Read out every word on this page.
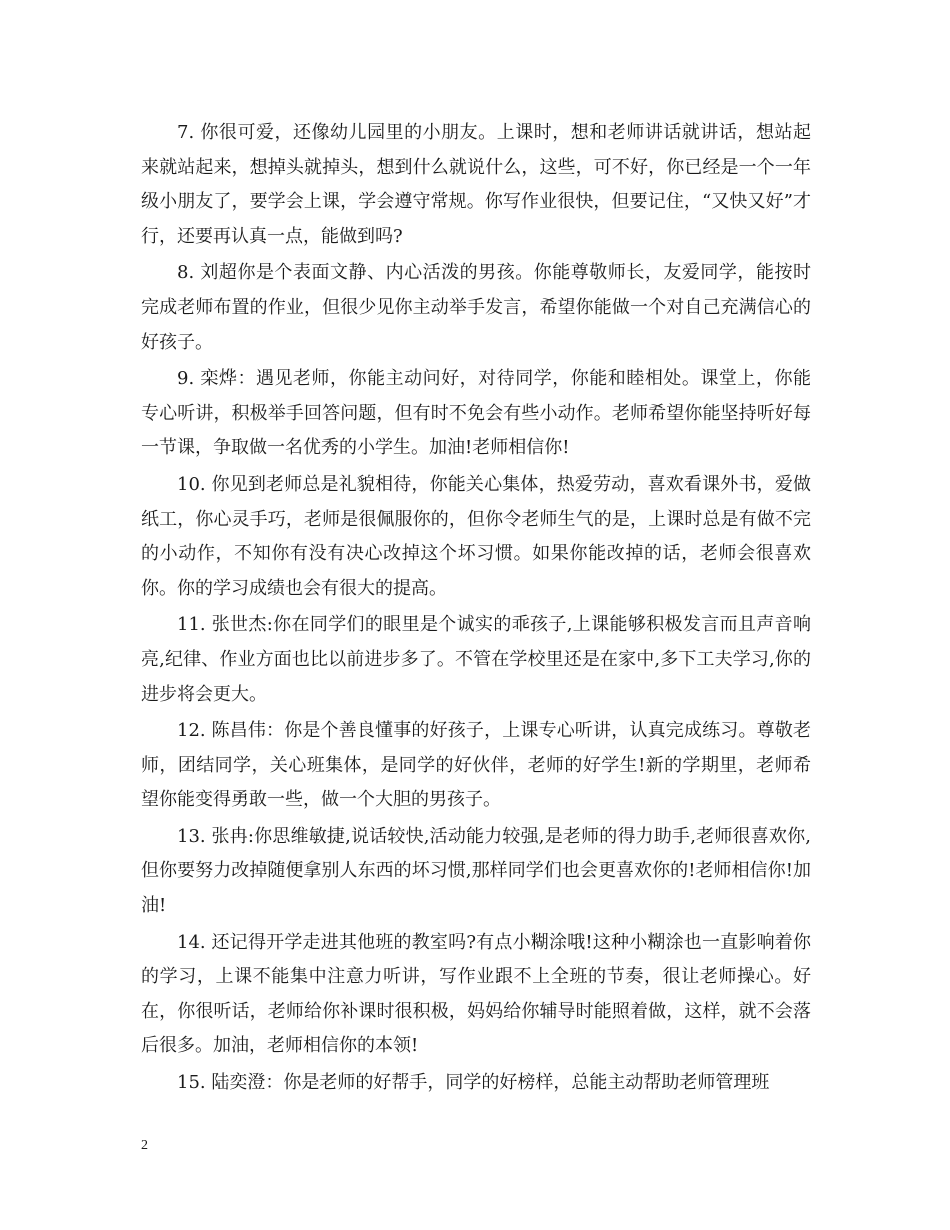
7. 你很可爱，还像幼儿园里的小朋友。上课时，想和老师讲话就讲话，想站起来就站起来，想掉头就掉头，想到什么就说什么，这些，可不好，你已经是一个一年级小朋友了，要学会上课，学会遵守常规。你写作业很快，但要记住，“又快又好”才行，还要再认真一点，能做到吗?

8. 刘超你是个表面文静、内心活泼的男孩。你能尊敬师长，友爱同学，能按时完成老师布置的作业，但很少见你主动举手发言，希望你能做一个对自己充满信心的好孩子。

9. 栾烨：遇见老师，你能主动问好，对待同学，你能和睦相处。课堂上，你能专心听讲，积极举手回答问题，但有时不免会有些小动作。老师希望你能坚持听好每一节课，争取做一名优秀的小学生。加油!老师相信你!

10. 你见到老师总是礼貌相待，你能关心集体，热爱劳动，喜欢看课外书，爱做纸工，你心灵手巧，老师是很佩服你的，但你令老师生气的是，上课时总是有做不完的小动作，不知你有没有决心改掉这个坏习惯。如果你能改掉的话，老师会很喜欢你。你的学习成绩也会有很大的提高。

11. 张世杰:你在同学们的眼里是个诚实的乖孩子,上课能够积极发言而且声音响亮,纪律、作业方面也比以前进步多了。不管在学校里还是在家中,多下工夫学习,你的进步将会更大。

12. 陈昌伟：你是个善良懂事的好孩子，上课专心听讲，认真完成练习。尊敬老师，团结同学，关心班集体，是同学的好伙伴，老师的好学生!新的学期里，老师希望你能变得勇敢一些，做一个大胆的男孩子。

13. 张冉:你思维敏捷,说话较快,活动能力较强,是老师的得力助手,老师很喜欢你,但你要努力改掉随便拿别人东西的坏习惯,那样同学们也会更喜欢你的!老师相信你!加油!

14. 还记得开学走进其他班的教室吗?有点小糊涂哦!这种小糊涂也一直影响着你的学习，上课不能集中注意力听讲，写作业跟不上全班的节奏，很让老师操心。好在，你很听话，老师给你补课时很积极，妈妈给你辅导时能照着做，这样，就不会落后很多。加油，老师相信你的本领!

15. 陆奕澄：你是老师的好帮手，同学的好榜样，总能主动帮助老师管理班

2
